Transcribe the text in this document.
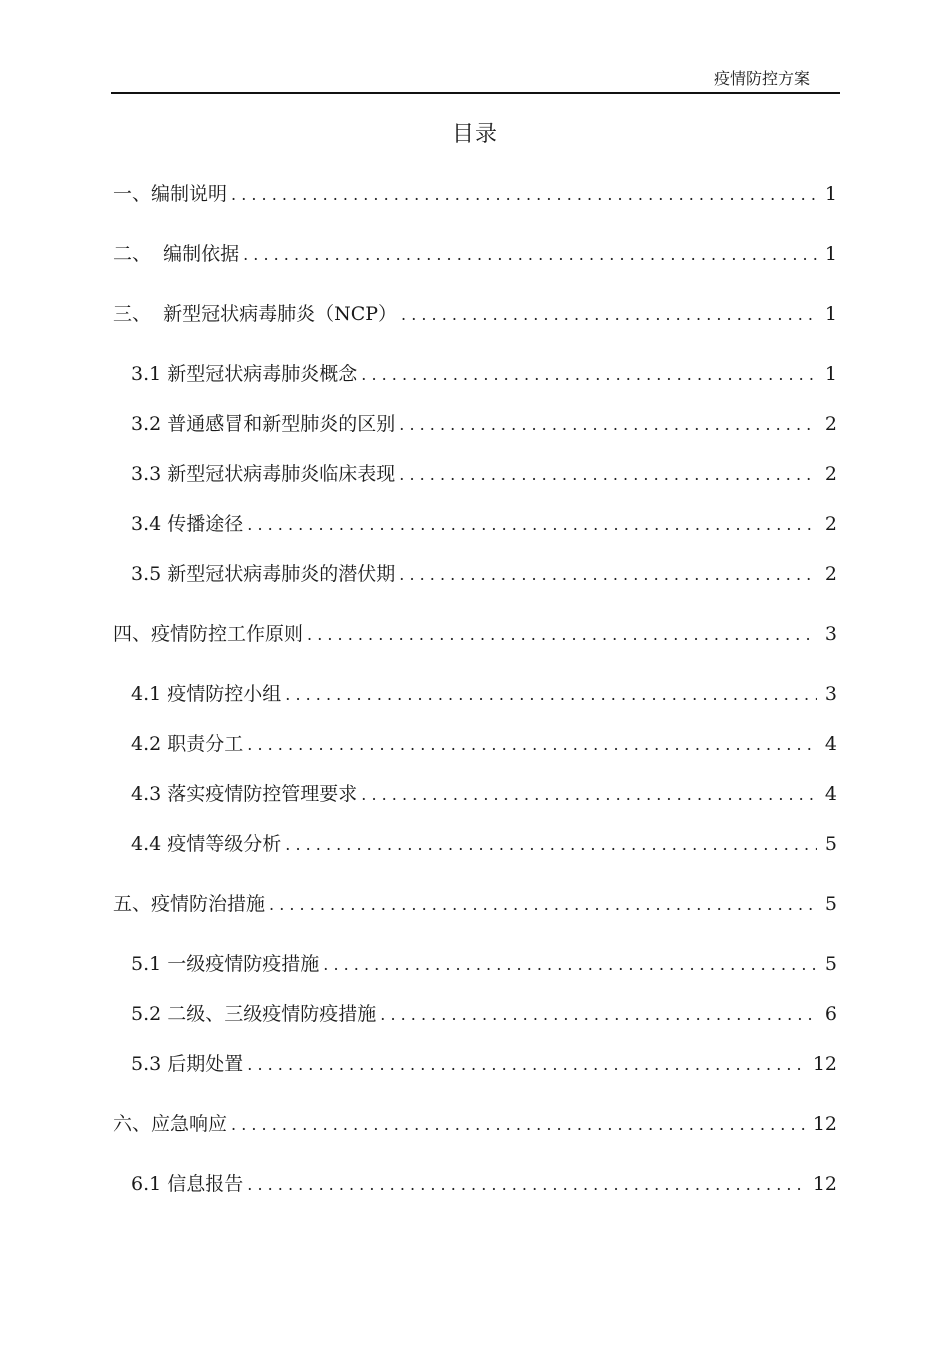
疫情防控方案
目录
一、编制说明 . . .	1
二、  编制依据 . . .	1
三、  新型冠状病毒肺炎（NCP） . . .	1
3.1 新型冠状病毒肺炎概念 . . .	1
3.2 普通感冒和新型肺炎的区别 . . .	2
3.3 新型冠状病毒肺炎临床表现 . . .	2
3.4 传播途径 . . .	2
3.5 新型冠状病毒肺炎的潜伏期 . . .	2
四、疫情防控工作原则 . . .	3
4.1 疫情防控小组 . . .	3
4.2 职责分工 . . .	4
4.3 落实疫情防控管理要求 . . .	4
4.4 疫情等级分析 . . .	5
五、疫情防治措施 . . .	5
5.1 一级疫情防疫措施 . . .	5
5.2 二级、三级疫情防疫措施 . . .	6
5.3 后期处置 . . .	12
六、应急响应 . . .	12
6.1 信息报告 . . .	12
